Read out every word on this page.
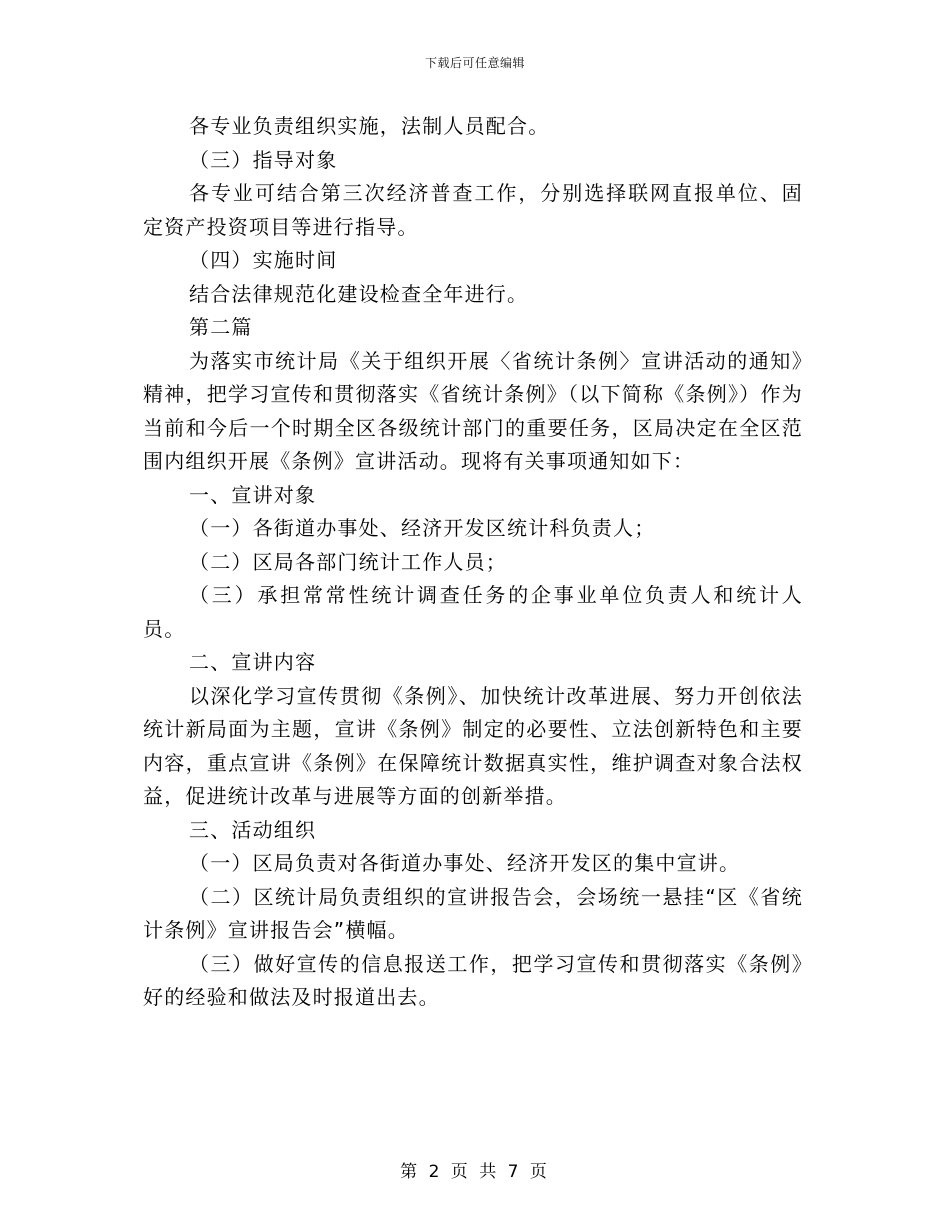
下载后可任意编辑

各专业负责组织实施，法制人员配合。

（三）指导对象

各专业可结合第三次经济普查工作，分别选择联网直报单位、固定资产投资项目等进行指导。

（四）实施时间

结合法律规范化建设检查全年进行。

第二篇

为落实市统计局《关于组织开展〈省统计条例〉宣讲活动的通知》精神，把学习宣传和贯彻落实《省统计条例》（以下简称《条例》）作为当前和今后一个时期全区各级统计部门的重要任务，区局决定在全区范围内组织开展《条例》宣讲活动。现将有关事项通知如下：

一、宣讲对象

（一）各街道办事处、经济开发区统计科负责人；

（二）区局各部门统计工作人员；

（三）承担常常性统计调查任务的企事业单位负责人和统计人员。

二、宣讲内容

以深化学习宣传贯彻《条例》、加快统计改革进展、努力开创依法统计新局面为主题，宣讲《条例》制定的必要性、立法创新特色和主要内容，重点宣讲《条例》在保障统计数据真实性，维护调查对象合法权益，促进统计改革与进展等方面的创新举措。

三、活动组织

（一）区局负责对各街道办事处、经济开发区的集中宣讲。

（二）区统计局负责组织的宣讲报告会，会场统一悬挂“区《省统计条例》宣讲报告会”横幅。

（三）做好宣传的信息报送工作，把学习宣传和贯彻落实《条例》好的经验和做法及时报道出去。

第 2 页 共 7 页
